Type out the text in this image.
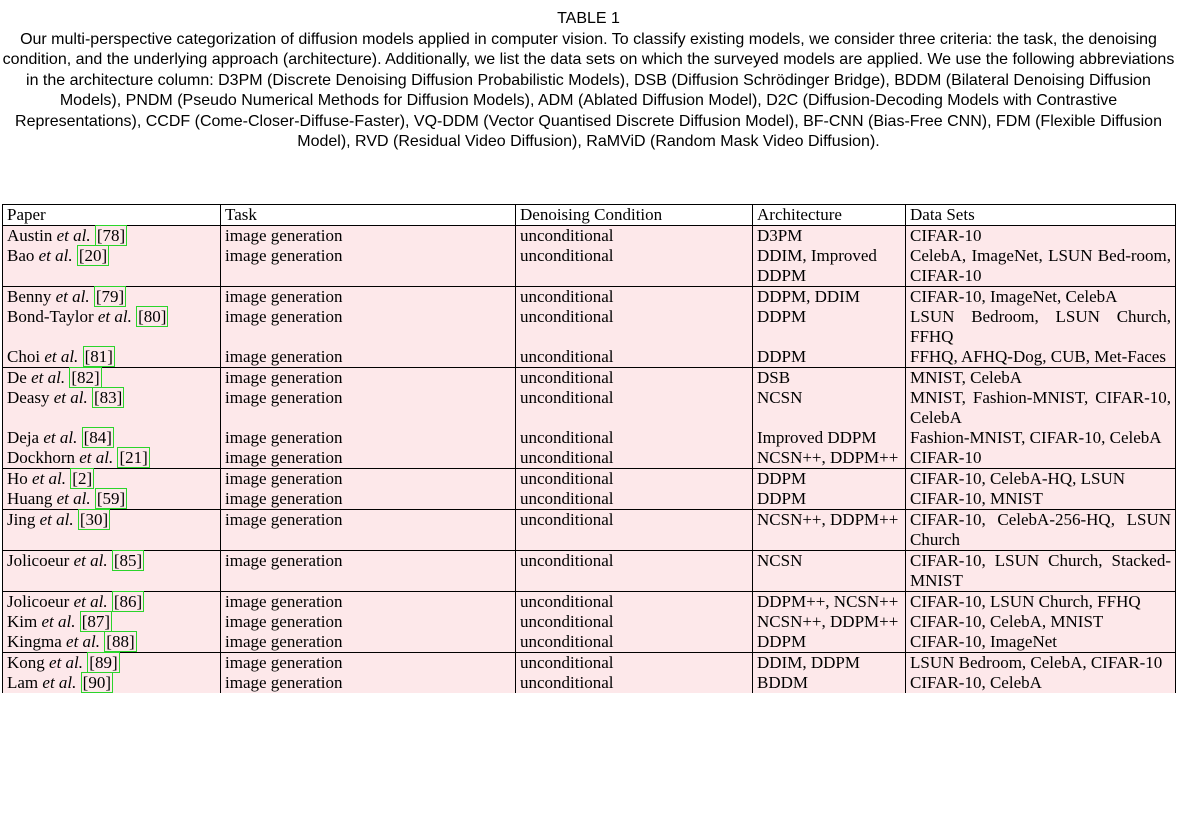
TABLE 1
Our multi-perspective categorization of diffusion models applied in computer vision. To classify existing models, we consider three criteria: the task, the denoising condition, and the underlying approach (architecture). Additionally, we list the data sets on which the surveyed models are applied. We use the following abbreviations in the architecture column: D3PM (Discrete Denoising Diffusion Probabilistic Models), DSB (Diffusion Schrödinger Bridge), BDDM (Bilateral Denoising Diffusion Models), PNDM (Pseudo Numerical Methods for Diffusion Models), ADM (Ablated Diffusion Model), D2C (Diffusion-Decoding Models with Contrastive Representations), CCDF (Come-Closer-Diffuse-Faster), VQ-DDM (Vector Quantised Discrete Diffusion Model), BF-CNN (Bias-Free CNN), FDM (Flexible Diffusion Model), RVD (Residual Video Diffusion), RaMViD (Random Mask Video Diffusion).
Paper	Task	Denoising Condition	Architecture	Data Sets
Austin et al. [78]	image generation	unconditional	D3PM	CIFAR-10
Bao et al. [20]	image generation	unconditional	DDIM, Improved DDPM	CelebA, ImageNet, LSUN Bed-room, CIFAR-10
Benny et al. [79]	image generation	unconditional	DDPM, DDIM	CIFAR-10, ImageNet, CelebA
Bond-Taylor et al. [80]	image generation	unconditional	DDPM	LSUN Bedroom, LSUN Church, FFHQ
Choi et al. [81]	image generation	unconditional	DDPM	FFHQ, AFHQ-Dog, CUB, Met-Faces
De et al. [82]	image generation	unconditional	DSB	MNIST, CelebA
Deasy et al. [83]	image generation	unconditional	NCSN	MNIST, Fashion-MNIST, CIFAR-10, CelebA
Deja et al. [84]	image generation	unconditional	Improved DDPM	Fashion-MNIST, CIFAR-10, CelebA
Dockhorn et al. [21]	image generation	unconditional	NCSN++, DDPM++	CIFAR-10
Ho et al. [2]	image generation	unconditional	DDPM	CIFAR-10, CelebA-HQ, LSUN
Huang et al. [59]	image generation	unconditional	DDPM	CIFAR-10, MNIST
Jing et al. [30]	image generation	unconditional	NCSN++, DDPM++	CIFAR-10, CelebA-256-HQ, LSUN Church
Jolicoeur et al. [85]	image generation	unconditional	NCSN	CIFAR-10, LSUN Church, Stacked-MNIST
Jolicoeur et al. [86]	image generation	unconditional	DDPM++, NCSN++	CIFAR-10, LSUN Church, FFHQ
Kim et al. [87]	image generation	unconditional	NCSN++, DDPM++	CIFAR-10, CelebA, MNIST
Kingma et al. [88]	image generation	unconditional	DDPM	CIFAR-10, ImageNet
Kong et al. [89]	image generation	unconditional	DDIM, DDPM	LSUN Bedroom, CelebA, CIFAR-10
Lam et al. [90]	image generation	unconditional	BDDM	CIFAR-10, CelebA
